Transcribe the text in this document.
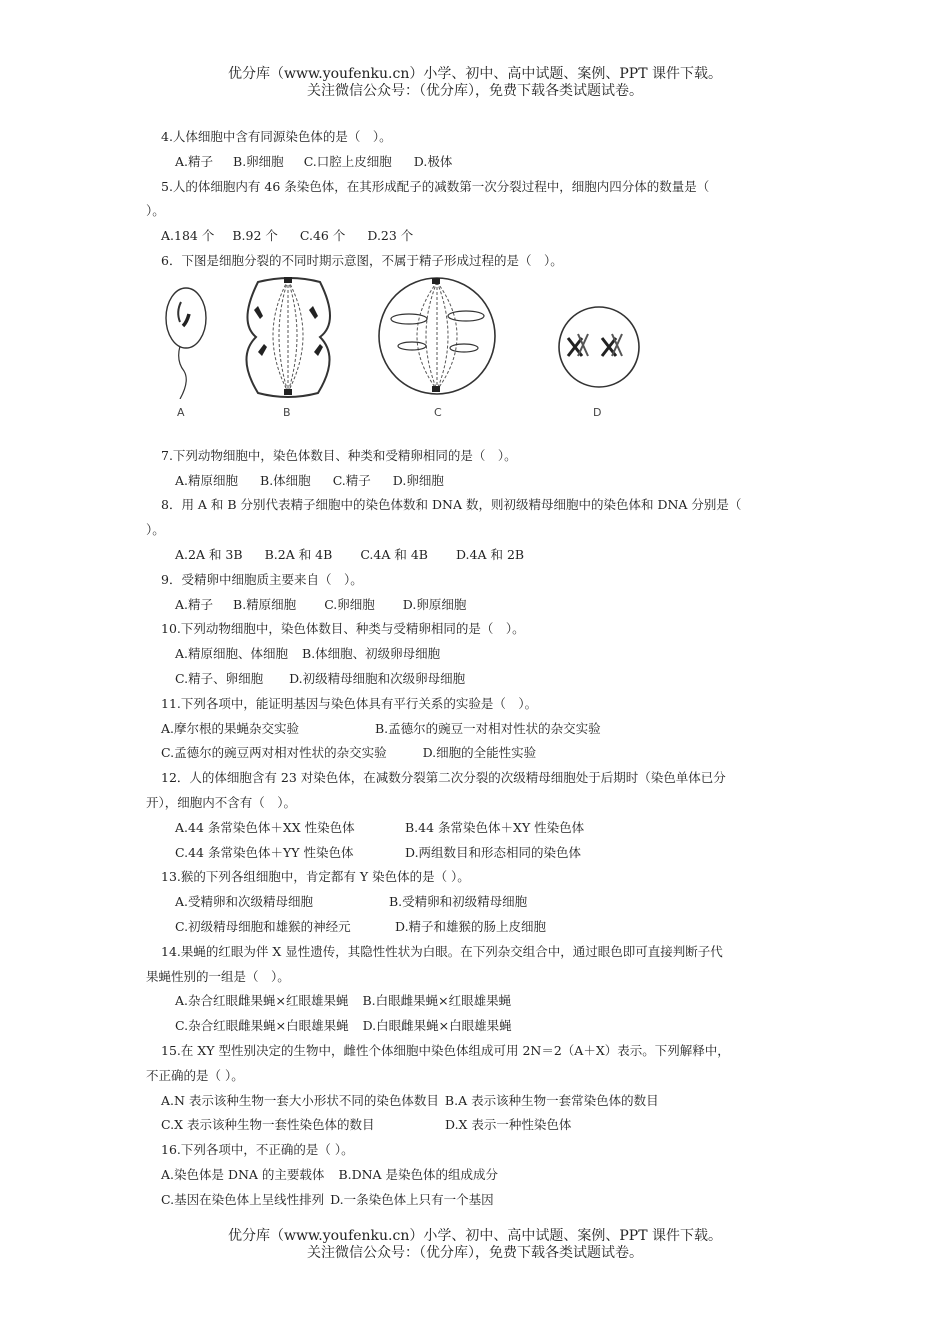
优分库（www.youfenku.cn）小学、初中、高中试题、案例、PPT 课件下载。
关注微信公众号：（优分库），免费下载各类试题试卷。
4.人体细胞中含有同源染色体的是（　）。
A.精子 B.卵细胞 C.口腔上皮细胞 D.极体
5.人的体细胞内有 46 条染色体，在其形成配子的减数第一次分裂过程中，细胞内四分体的数量是（
）。
A.184 个 B.92 个 C.46 个 D.23 个
6．下图是细胞分裂的不同时期示意图，不属于精子形成过程的是（　）。
A	B	C	D
7.下列动物细胞中，染色体数目、种类和受精卵相同的是（　）。
A.精原细胞 B.体细胞 C.精子 D.卵细胞
8．用 A 和 B 分别代表精子细胞中的染色体数和 DNA 数，则初级精母细胞中的染色体和 DNA 分别是（
）。
A.2A 和 3B B.2A 和 4B C.4A 和 4B D.4A 和 2B
9．受精卵中细胞质主要来自（　）。
A.精子 B.精原细胞 C.卵细胞 D.卵原细胞
10.下列动物细胞中，染色体数目、种类与受精卵相同的是（　）。
A.精原细胞、体细胞 B.体细胞、初级卵母细胞
C.精子、卵细胞 D.初级精母细胞和次级卵母细胞
11.下列各项中，能证明基因与染色体具有平行关系的实验是（　）。
A.摩尔根的果蝇杂交实验	B.孟德尔的豌豆一对相对性状的杂交实验
C.孟德尔的豌豆两对相对性状的杂交实验	D.细胞的全能性实验
12．人的体细胞含有 23 对染色体，在减数分裂第二次分裂的次级精母细胞处于后期时（染色单体已分
开），细胞内不含有（　）。
A.44 条常染色体＋XX 性染色体	B.44 条常染色体＋XY 性染色体
C.44 条常染色体＋YY 性染色体	D.两组数目和形态相同的染色体
13.猴的下列各组细胞中，肯定都有 Y 染色体的是（ ）。
A.受精卵和次级精母细胞	B.受精卵和初级精母细胞
C.初级精母细胞和雄猴的神经元	D.精子和雄猴的肠上皮细胞
14.果蝇的红眼为伴 X 显性遗传，其隐性性状为白眼。在下列杂交组合中，通过眼色即可直接判断子代
果蝇性别的一组是（　）。
A.杂合红眼雌果蝇×红眼雄果蝇 B.白眼雌果蝇×红眼雄果蝇
C.杂合红眼雌果蝇×白眼雄果蝇 D.白眼雌果蝇×白眼雄果蝇
15.在 XY 型性别决定的生物中，雌性个体细胞中染色体组成可用 2N＝2（A＋X）表示。下列解释中，
不正确的是（ ）。
A.N 表示该种生物一套大小形状不同的染色体数目 B.A 表示该种生物一套常染色体的数目
C.X 表示该种生物一套性染色体的数目	D.X 表示一种性染色体
16.下列各项中，不正确的是（ ）。
A.染色体是 DNA 的主要载体 B.DNA 是染色体的组成成分
C.基因在染色体上呈线性排列 D.一条染色体上只有一个基因
优分库（www.youfenku.cn）小学、初中、高中试题、案例、PPT 课件下载。
关注微信公众号：（优分库），免费下载各类试题试卷。
